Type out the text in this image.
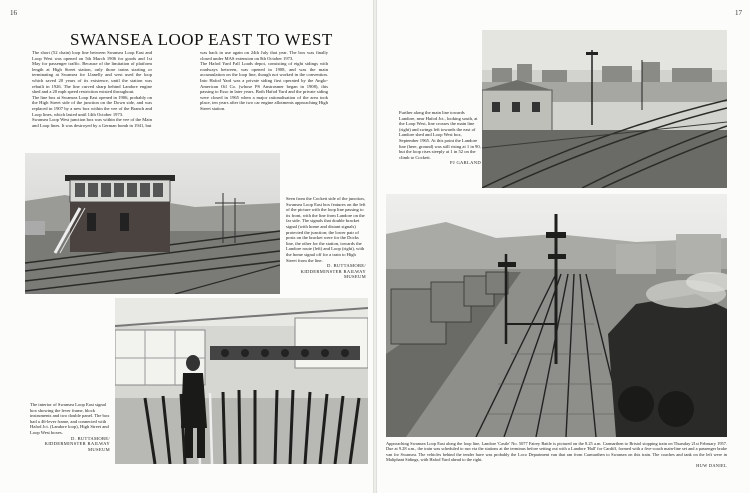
16
SWANSEA LOOP EAST TO WEST
The short (52 chain) loop line between Swansea Loop East and Loop West was opened on 5th March 1906 for goods and 1st May for passenger traffic. Because of the limitation of platform length at High Street station, only those trains starting or terminating at Swansea for Llanelly and west used the loop which saved 20 years of its existence, until the station was rebuilt in 1926. The line curved sharp behind Landore engine shed and a 20 mph speed restriction existed throughout.
The line box at Swansea Loop East opened in 1906, probably on the High Street side of the junction on the Down side, and was replaced in 1907 by a new box within the vee of the Branch and Loop lines, which lasted until 14th October 1973.
Swansea Loop West junction box was within the vee of the Main and Loop lines. It was destroyed by a German bomb in 1941, but
was back in use again on 24th July that year. The box was finally closed under MAS extension on 8th October 1973.
The Hafod Yard Fall Loads depot, consisting of eight sidings with roadways between, was opened in 1908, and was the main accumulation on the loop line, though not worked in the convention. Into Hafod Yard was a private siding first operated by the Anglo-American Oil Co. (whose PS Anstrasmer began in 1908), this passing to Esso in later years. Both Hafod Yard and the private siding were closed in 1965 when a major rationalisation of the area took place, ten years after the two car engine allotments approaching High Street station.
Seen from the Cockett side of the junction, Swansea Loop East box features on the left of the picture with the loop line passing to its front, with the line from Landore on the far side. The signals that double bracket signal (with home and distant signals) protected the junction; the lower pair of posts on the bracket were for the Docks line, the other for the station, towards the Landore route (left) and Loop (right), with the home signal off for a train to High Street from the line.
D. BUTTAMORE/ KIDDERMINSTER RAILWAY MUSEUM
The interior of Swansea Loop East signal box showing the lever frame, block instruments and two double panel. The box had a 46-lever frame, and connected with Hafod Jct. (Landore loop), High Street and Loop West boxes.
D. BUTTAMORE/ KIDDERMINSTER RAILWAY MUSEUM
17
Further along the main line towards Landore, near Hafod Jct., looking south, at the Loop West, line crosses the main line (right) and swings left towards the east of Landore shed and Loop West box, September 1965. At this point the Landore line (here, ground) was still rising at 1 in 90, but the loop rises steeply at 1 in 52 on the climb to Cockett.
PJ GARLAND
Approaching Swansea Loop East along the loop line, Landore 'Castle' No. 5077 Fairey Battle is pictured on the 8.25 a.m. Carmarthen to Bristol stopping train on Thursday 21st February 1957. Due at 9.28 a.m., the train was scheduled to run via the stations at the terminus before setting out with a Landore 'Hall' for Cardiff, formed with a five-coach main-line set and a passenger brake van for Swansea. The vehicles behind the tender have was probably the Loco Department van that ran from Carmarthen to Swansea on this train. The coaches and tank on the left were in Maliphant Sidings, with Hafod Yard ahead to the right.
HUW DANIEL
